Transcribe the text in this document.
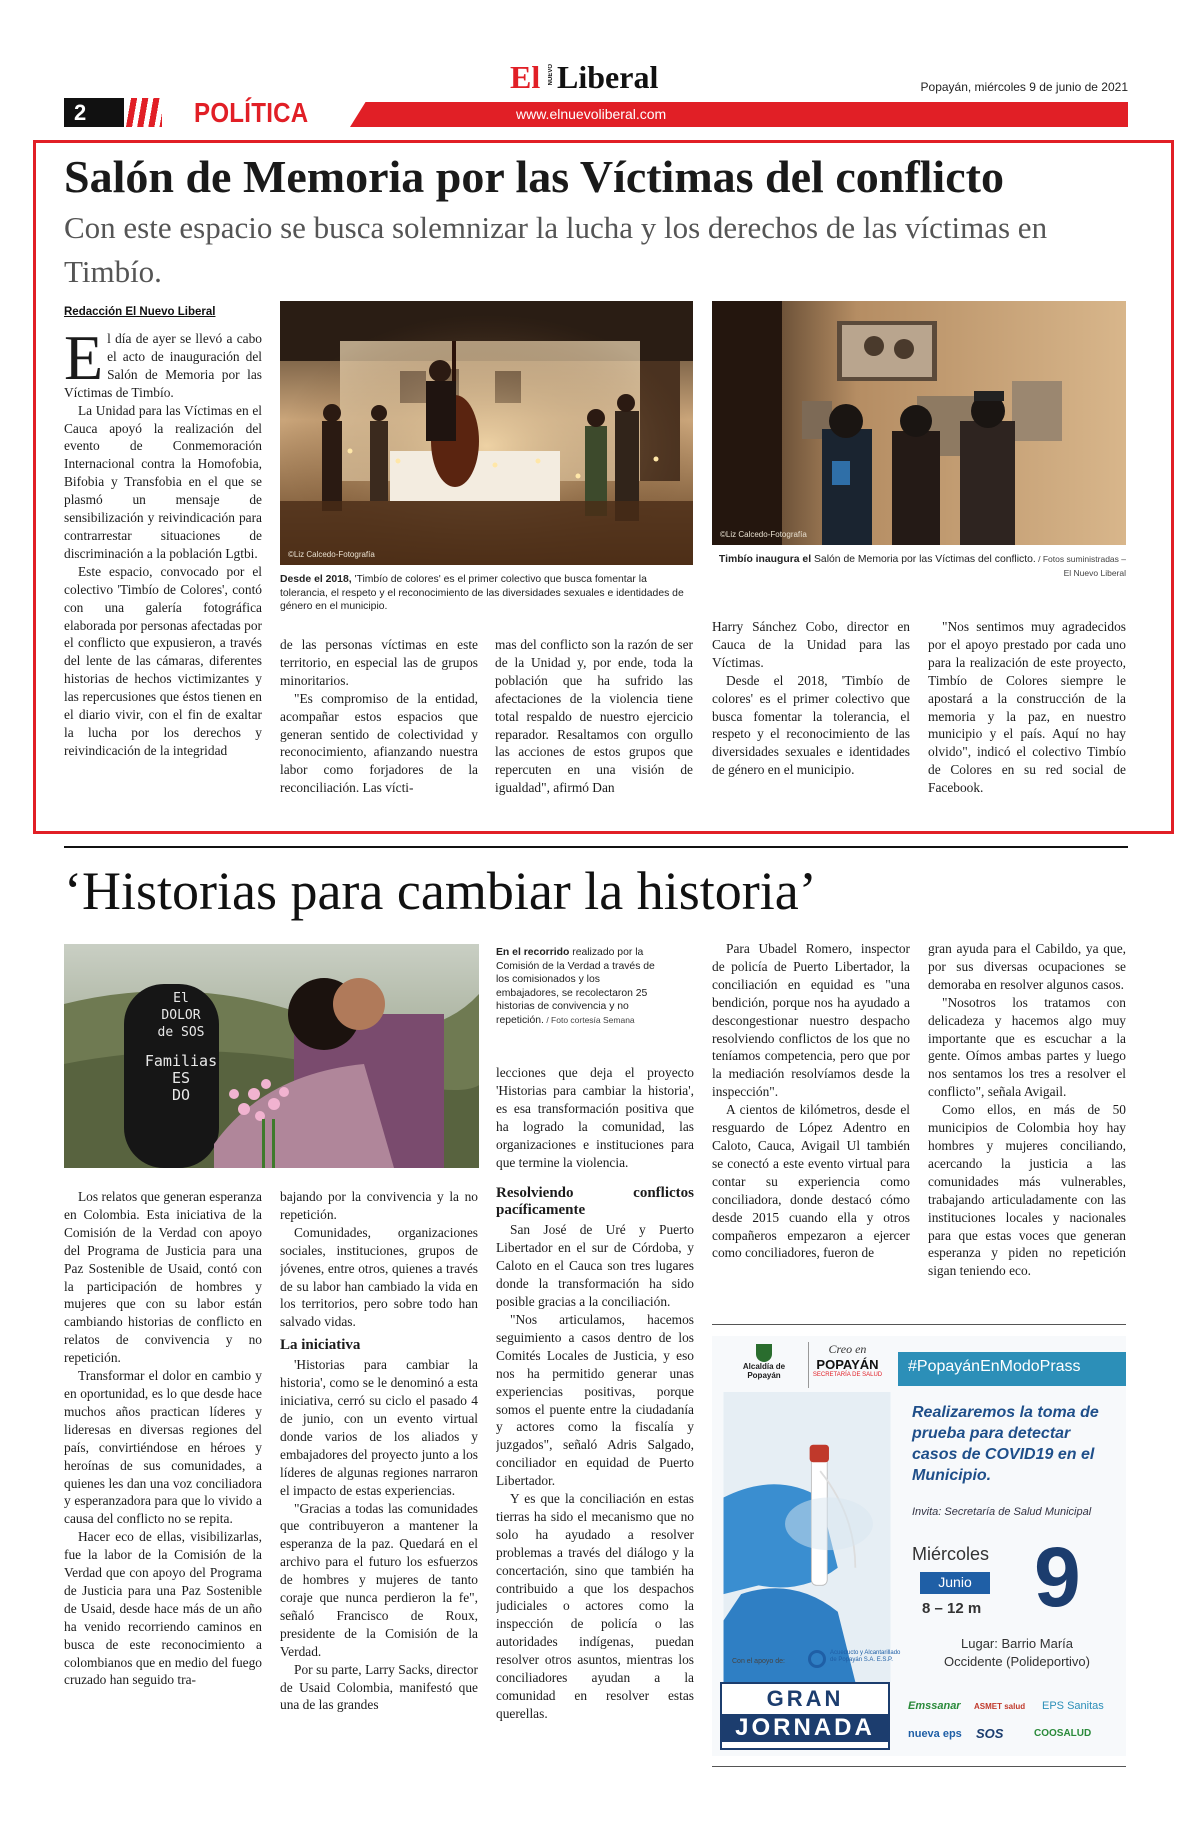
El NUEVO Liberal	Popayán, miércoles 9 de junio de 2021
2	POLÍTICA	www.elnuevoliberal.com
Salón de Memoria por las Víctimas del conflicto
Con este espacio se busca solemnizar la lucha y los derechos de las víctimas en Timbío.
Redacción El Nuevo Liberal

El día de ayer se llevó a cabo el acto de inauguración del Salón de Memoria por las Víctimas de Timbío.

La Unidad para las Víctimas en el Cauca apoyó la realización del evento de Conmemoración Internacional contra la Homofobia, Bifobia y Transfobia en el que se plasmó un mensaje de sensibilización y reivindicación para contrarrestar situaciones de discriminación a la población Lgtbi.

Este espacio, convocado por el colectivo 'Timbío de Colores', contó con una galería fotográfica elaborada por personas afectadas por el conflicto que expusieron, a través del lente de las cámaras, diferentes historias de hechos victimizantes y las repercusiones que éstos tienen en el diario vivir, con el fin de exaltar la lucha por los derechos y reivindicación de la integridad

©Liz Calcedo-Fotografía
Desde el 2018, 'Timbío de colores' es el primer colectivo que busca fomentar la tolerancia, el respeto y el reconocimiento de las diversidades sexuales e identidades de género en el municipio.
©Liz Calcedo-Fotografía
Timbío inaugura el Salón de Memoria por las Víctimas del conflicto. / Fotos suministradas – El Nuevo Liberal

de las personas víctimas en este territorio, en especial las de grupos minoritarios.

"Es compromiso de la entidad, acompañar estos espacios que generan sentido de colectividad y reconocimiento, afianzando nuestra labor como forjadores de la reconciliación. Las vícti-

mas del conflicto son la razón de ser de la Unidad y, por ende, toda la población que ha sufrido las afectaciones de la violencia tiene total respaldo de nuestro ejercicio reparador. Resaltamos con orgullo las acciones de estos grupos que repercuten en una visión de igualdad", afirmó Dan

Harry Sánchez Cobo, director en Cauca de la Unidad para las Víctimas.

Desde el 2018, 'Timbío de colores' es el primer colectivo que busca fomentar la tolerancia, el respeto y el reconocimiento de las diversidades sexuales e identidades de género en el municipio.

"Nos sentimos muy agradecidos por el apoyo prestado por cada uno para la realización de este proyecto, Timbío de Colores siempre le apostará a la construcción de la memoria y la paz, en nuestro municipio y el país. Aquí no hay olvido", indicó el colectivo Timbío de Colores en su red social de Facebook.

‘Historias para cambiar la historia’
El
DOLOR
de SOS
Familias
ES
DO
En el recorrido realizado por la Comisión de la Verdad a través de los comisionados y los embajadores, se recolectaron 25 historias de convivencia y no repetición. / Foto cortesía Semana

Los relatos que generan esperanza en Colombia. Esta iniciativa de la Comisión de la Verdad con apoyo del Programa de Justicia para una Paz Sostenible de Usaid, contó con la participación de hombres y mujeres que con su labor están cambiando historias de conflicto en relatos de convivencia y no repetición.

Transformar el dolor en cambio y en oportunidad, es lo que desde hace muchos años practican líderes y lideresas en diversas regiones del país, convirtiéndose en héroes y heroínas de sus comunidades, a quienes les dan una voz conciliadora y esperanzadora para que lo vivido a causa del conflicto no se repita.

Hacer eco de ellas, visibilizarlas, fue la labor de la Comisión de la Verdad que con apoyo del Programa de Justicia para una Paz Sostenible de Usaid, desde hace más de un año ha venido recorriendo caminos en busca de este reconocimiento a colombianos que en medio del fuego cruzado han seguido tra-

bajando por la convivencia y la no repetición.

Comunidades, organizaciones sociales, instituciones, grupos de jóvenes, entre otros, quienes a través de su labor han cambiado la vida en los territorios, pero sobre todo han salvado vidas.

La iniciativa

'Historias para cambiar la historia', como se le denominó a esta iniciativa, cerró su ciclo el pasado 4 de junio, con un evento virtual donde varios de los aliados y embajadores del proyecto junto a los líderes de algunas regiones narraron el impacto de estas experiencias.

"Gracias a todas las comunidades que contribuyeron a mantener la esperanza de la paz. Quedará en el archivo para el futuro los esfuerzos de hombres y mujeres de tanto coraje que nunca perdieron la fe", señaló Francisco de Roux, presidente de la Comisión de la Verdad.

Por su parte, Larry Sacks, director de Usaid Colombia, manifestó que una de las grandes

lecciones que deja el proyecto 'Historias para cambiar la historia', es esa transformación positiva que ha logrado la comunidad, las organizaciones e instituciones para que termine la violencia.

Resolviendo conflictos pacíficamente

San José de Uré y Puerto Libertador en el sur de Córdoba, y Caloto en el Cauca son tres lugares donde la transformación ha sido posible gracias a la conciliación.

"Nos articulamos, hacemos seguimiento a casos dentro de los Comités Locales de Justicia, y eso nos ha permitido generar unas experiencias positivas, porque somos el puente entre la ciudadanía y actores como la fiscalía y juzgados", señaló Adris Salgado, conciliador en equidad de Puerto Libertador.

Y es que la conciliación en estas tierras ha sido el mecanismo que no solo ha ayudado a resolver problemas a través del diálogo y la concertación, sino que también ha contribuido a que los despachos judiciales o actores como la inspección de policía o las autoridades indígenas, puedan resolver otros asuntos, mientras los conciliadores ayudan a la comunidad en resolver estas querellas.

Para Ubadel Romero, inspector de policía de Puerto Libertador, la conciliación en equidad es "una bendición, porque nos ha ayudado a descongestionar nuestro despacho resolviendo conflictos de los que no teníamos competencia, pero que por la mediación resolvíamos desde la inspección".

A cientos de kilómetros, desde el resguardo de López Adentro en Caloto, Cauca, Avigail Ul también se conectó a este evento virtual para contar su experiencia como conciliadora, donde destacó cómo desde 2015 cuando ella y otros compañeros empezaron a ejercer como conciliadores, fueron de

gran ayuda para el Cabildo, ya que, por sus diversas ocupaciones se demoraba en resolver algunos casos.

"Nosotros los tratamos con delicadeza y hacemos algo muy importante que es escuchar a la gente. Oímos ambas partes y luego nos sentamos los tres a resolver el conflicto", señala Avigail.

Como ellos, en más de 50 municipios de Colombia hoy hay hombres y mujeres conciliando, acercando la justicia a las comunidades más vulnerables, trabajando articuladamente con las instituciones locales y nacionales para que estas voces que generan esperanza y piden no repetición sigan teniendo eco.

Alcaldía de
Popayán
Creo en
POPAYÁN
SECRETARÍA DE SALUD #PopayánEnModoPrass
Realizaremos la toma de prueba para detectar casos de COVID19 en el Municipio.
Invita: Secretaría de Salud Municipal
Miércoles
Junio
8 – 12 m 9
Lugar: Barrio María
Occidente (Polideportivo)
Con el apoyo de:
Acueducto y Alcantarillado de Popayán S.A. E.S.P.
GRAN
JORNADA
Emssanar ASMET salud EPS Sanitas
nueva eps SOS	COOSALUD
